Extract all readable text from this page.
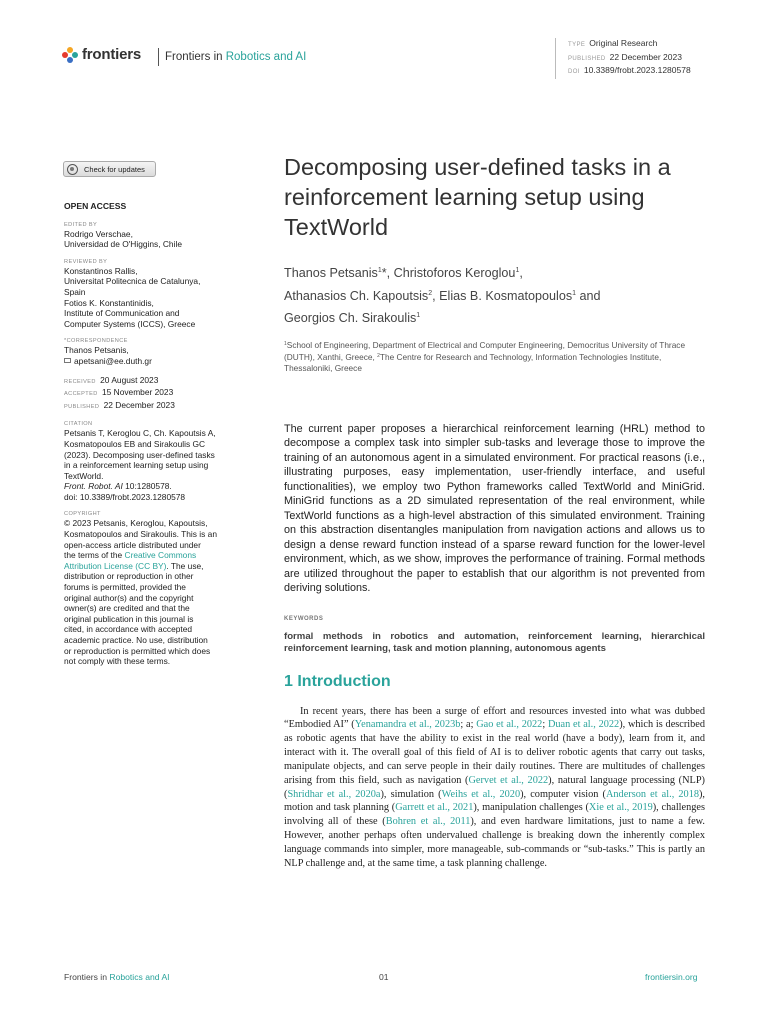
frontiers Frontiers in Robotics and AI
TYPE Original Research
PUBLISHED 22 December 2023
DOI 10.3389/frobt.2023.1280578
Check for updates
OPEN ACCESS
EDITED BY
Rodrigo Verschae,
Universidad de O'Higgins, Chile
REVIEWED BY
Konstantinos Rallis,
Universitat Politecnica de Catalunya,
Spain
Fotios K. Konstantinidis,
Institute of Communication and
Computer Systems (ICCS), Greece
*CORRESPONDENCE
Thanos Petsanis,
apetsani@ee.duth.gr
RECEIVED 20 August 2023
ACCEPTED 15 November 2023
PUBLISHED 22 December 2023
CITATION
Petsanis T, Keroglou C, Ch. Kapoutsis A,
Kosmatopoulos EB and Sirakoulis GC
(2023). Decomposing user-defined tasks
in a reinforcement learning setup using
TextWorld.
Front. Robot. AI 10:1280578.
doi: 10.3389/frobt.2023.1280578
COPYRIGHT
© 2023 Petsanis, Keroglou, Kapoutsis,
Kosmatopoulos and Sirakoulis. This is an
open-access article distributed under
the terms of the Creative Commons
Attribution License (CC BY). The use,
distribution or reproduction in other
forums is permitted, provided the
original author(s) and the copyright
owner(s) are credited and that the
original publication in this journal is
cited, in accordance with accepted
academic practice. No use, distribution
or reproduction is permitted which does
not comply with these terms.
Decomposing user-defined tasks in a reinforcement learning setup using TextWorld
Thanos Petsanis$^1$*, Christoforos Keroglou$^1$,
Athanasios Ch. Kapoutsis$^2$, Elias B. Kosmatopoulos$^1$ and
Georgios Ch. Sirakoulis$^1$
$^1$School of Engineering, Department of Electrical and Computer Engineering, Democritus University of Thrace (DUTH), Xanthi, Greece, $^2$The Centre for Research and Technology, Information Technologies Institute, Thessaloniki, Greece

The current paper proposes a hierarchical reinforcement learning (HRL) method to decompose a complex task into simpler sub-tasks and leverage those to improve the training of an autonomous agent in a simulated environment. For practical reasons (i.e., illustrating purposes, easy implementation, user-friendly interface, and useful functionalities), we employ two Python frameworks called TextWorld and MiniGrid. MiniGrid functions as a 2D simulated representation of the real environment, while TextWorld functions as a high-level abstraction of this simulated environment. Training on this abstraction disentangles manipulation from navigation actions and allows us to design a dense reward function instead of a sparse reward function for the lower-level environment, which, as we show, improves the performance of training. Formal methods are utilized throughout the paper to establish that our algorithm is not prevented from deriving solutions.

KEYWORDS

formal methods in robotics and automation, reinforcement learning, hierarchical reinforcement learning, task and motion planning, autonomous agents

1 Introduction

In recent years, there has been a surge of effort and resources invested into what was dubbed “Embodied AI” (Yenamandra et al., 2023b; a; Gao et al., 2022; Duan et al., 2022), which is described as robotic agents that have the ability to exist in the real world (have a body), learn from it, and interact with it. The overall goal of this field of AI is to deliver robotic agents that carry out tasks, manipulate objects, and can serve people in their daily routines. There are multitudes of challenges arising from this field, such as navigation (Gervet et al., 2022), natural language processing (NLP) (Shridhar et al., 2020a), simulation (Weihs et al., 2020), computer vision (Anderson et al., 2018), motion and task planning (Garrett et al., 2021), manipulation challenges (Xie et al., 2019), challenges involving all of these (Bohren et al., 2011), and even hardware limitations, just to name a few. However, another perhaps often undervalued challenge is breaking down the inherently complex language commands into simpler, more manageable, sub-commands or “sub-tasks.” This is partly an NLP challenge and, at the same time, a task planning challenge.

Frontiers in Robotics and AI	01	frontiersin.org
